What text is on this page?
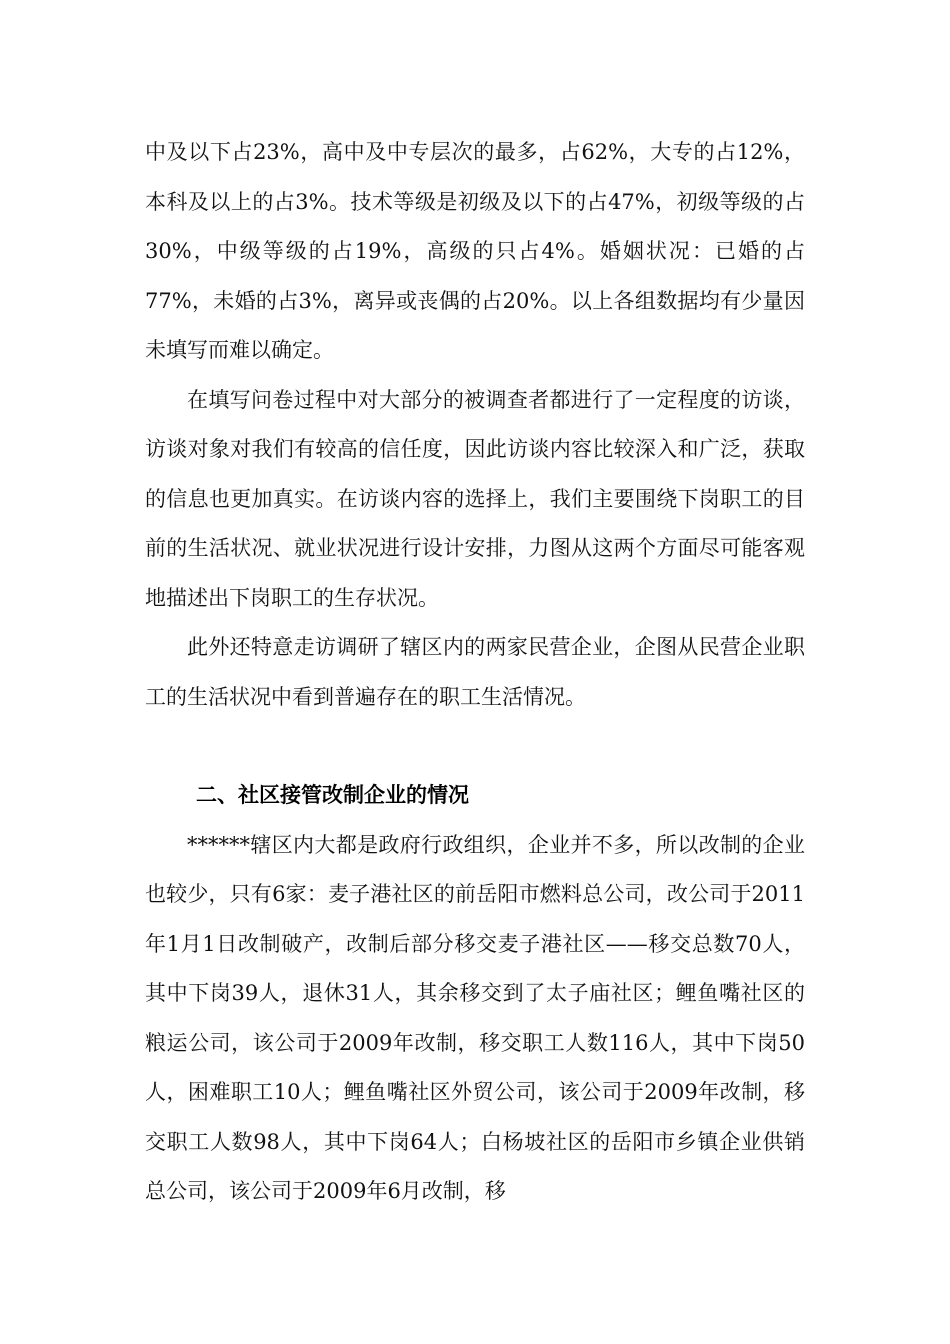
中及以下占23%，高中及中专层次的最多，占62%，大专的占12%，本科及以上的占3%。技术等级是初级及以下的占47%，初级等级的占30%，中级等级的占19%，高级的只占4%。婚姻状况：已婚的占77%，未婚的占3%，离异或丧偶的占20%。以上各组数据均有少量因未填写而难以确定。

在填写问卷过程中对大部分的被调查者都进行了一定程度的访谈，访谈对象对我们有较高的信任度，因此访谈内容比较深入和广泛，获取的信息也更加真实。在访谈内容的选择上，我们主要围绕下岗职工的目前的生活状况、就业状况进行设计安排，力图从这两个方面尽可能客观地描述出下岗职工的生存状况。

此外还特意走访调研了辖区内的两家民营企业，企图从民营企业职工的生活状况中看到普遍存在的职工生活情况。

二、社区接管改制企业的情况

******辖区内大都是政府行政组织，企业并不多，所以改制的企业也较少，只有6家：麦子港社区的前岳阳市燃料总公司，改公司于2011年1月1日改制破产，改制后部分移交麦子港社区——移交总数70人，其中下岗39人，退休31人，其余移交到了太子庙社区；鲤鱼嘴社区的粮运公司，该公司于2009年改制，移交职工人数116人，其中下岗50人，困难职工10人；鲤鱼嘴社区外贸公司，该公司于2009年改制，移交职工人数98人，其中下岗64人；白杨坡社区的岳阳市乡镇企业供销总公司，该公司于2009年6月改制，移
